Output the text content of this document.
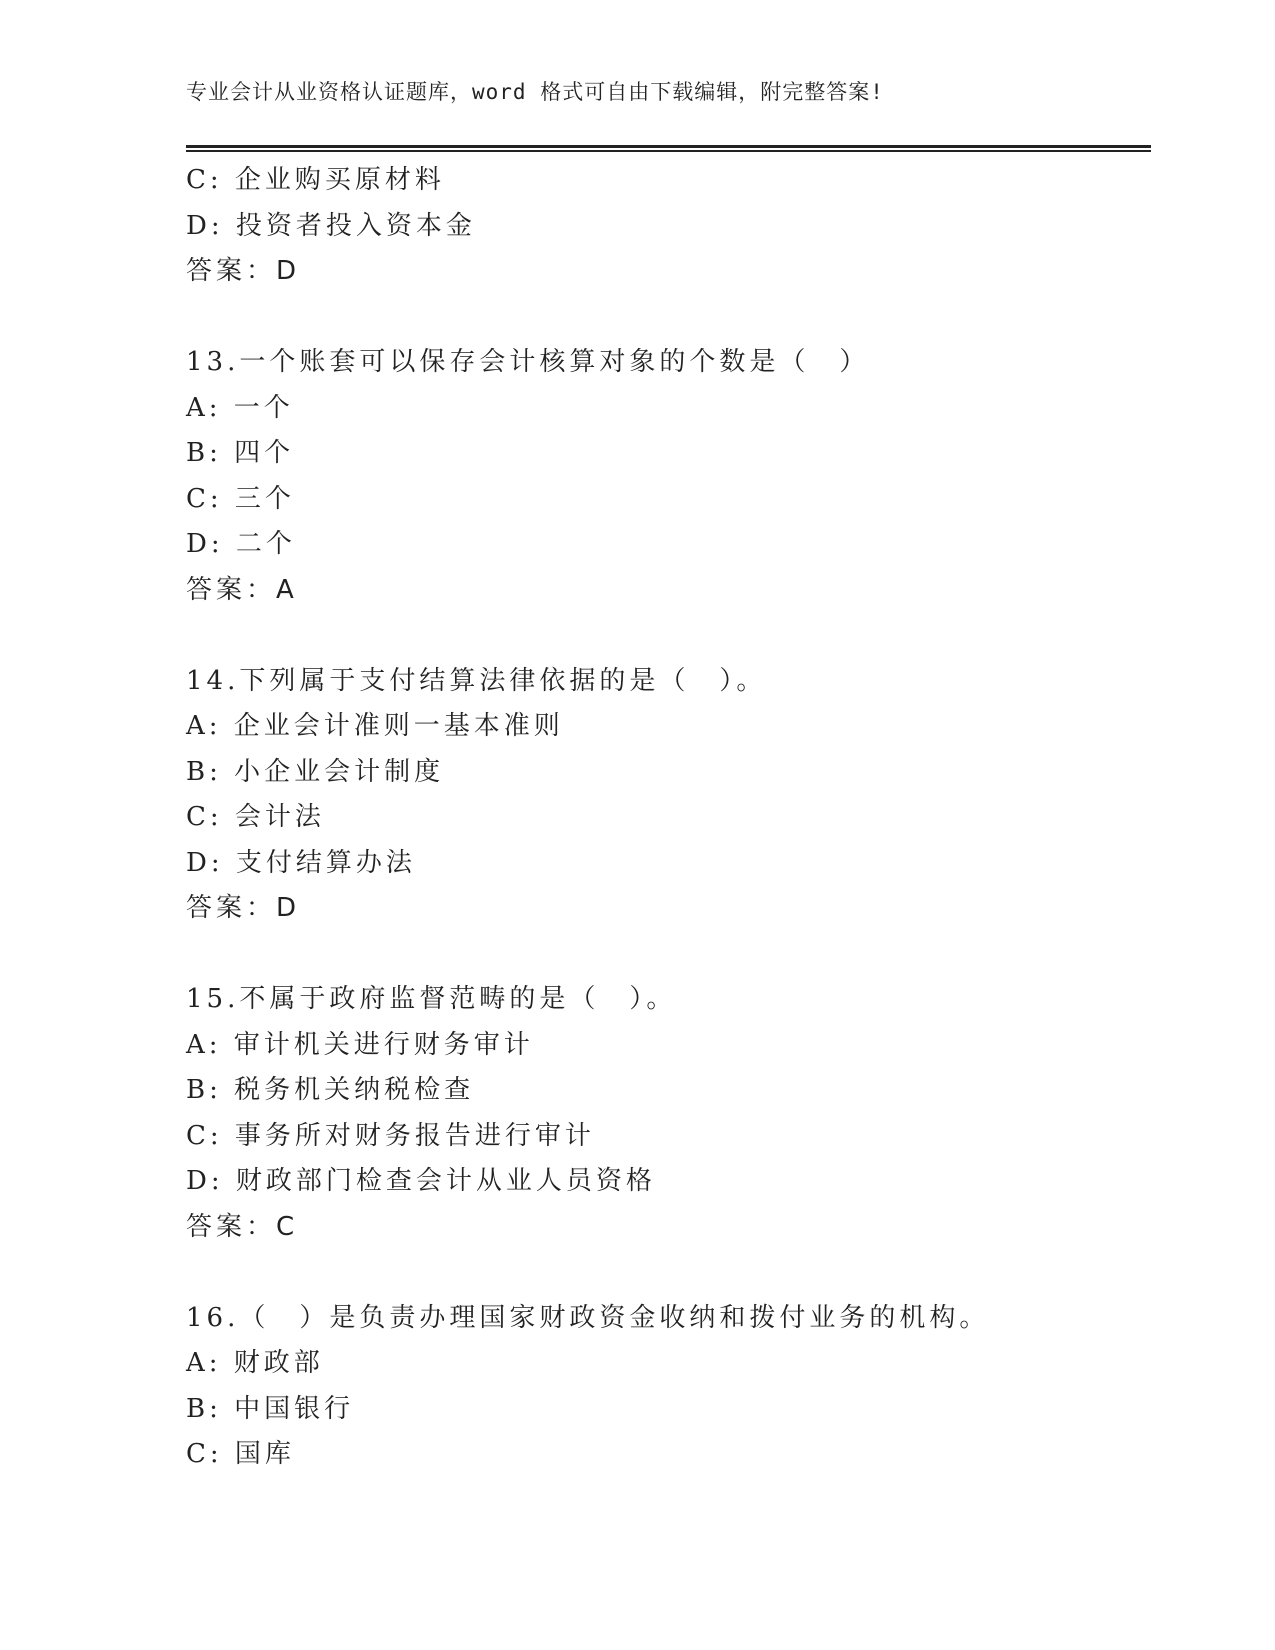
专业会计从业资格认证题库，word 格式可自由下载编辑，附完整答案!
C: 企业购买原材料
D: 投资者投入资本金
答案：D
13.一个账套可以保存会计核算对象的个数是（　）
A: 一个
B: 四个
C: 三个
D: 二个
答案：A
14.下列属于支付结算法律依据的是（　）。
A: 企业会计准则一基本准则
B: 小企业会计制度
C: 会计法
D: 支付结算办法
答案：D
15.不属于政府监督范畴的是（　）。
A: 审计机关进行财务审计
B: 税务机关纳税检查
C: 事务所对财务报告进行审计
D: 财政部门检查会计从业人员资格
答案：C
16.（　）是负责办理国家财政资金收纳和拨付业务的机构。
A: 财政部
B: 中国银行
C: 国库
